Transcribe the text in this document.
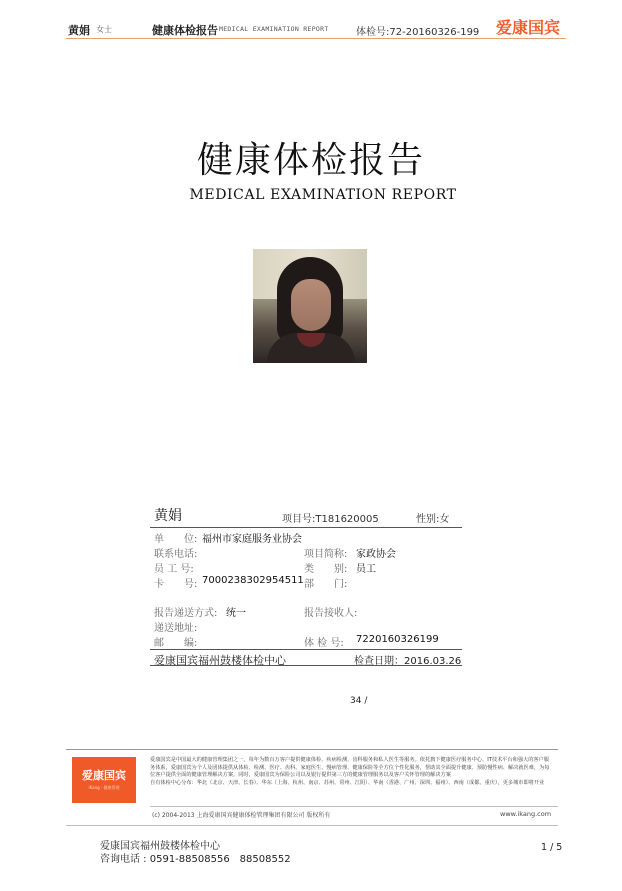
黄娟 女士	健康体检报告 MEDICAL EXAMINATION REPORT	体检号:72-20160326-199 爱康国宾
健康体检报告
MEDICAL EXAMINATION REPORT
黄娟	项目号:T181620005	性别:女
单　　位: 福州市家庭服务业协会
联系电话:	项目简称: 家政协会
员 工 号:	类　　别: 员工
卡　　号: 7000238302954511 部　　门:
报告递送方式: 统一	报告接收人:
递送地址:
邮　　编:	体 检 号: 7220160326199
爱康国宾福州鼓楼体检中心	检查日期：2016.03.26
34 /
爱康国宾
iKang · 健康管理
爱康国宾是中国最大的健康管理集团之一，每年为数百万客户提供健康体检、疾病检测、齿科服务和私人医生等服务。依托旗下健康医疗服务中心、IT技术平台和强大的客户服务体系，爱康国宾为个人及团体提供从体检、检测、医疗、齿科、家庭医生、慢病管理、健康保险等全方位个性化服务，帮助其全面提升健康、预防慢性病、解决就医难，为每位客户提供全面的健康管理解决方案。同时，爱康国宾为保险公司以及银行提供第三方的健康管理服务以及客户关怀管理的解决方案
自有体检中心分布：华北（北京、天津、长春）、华东（上海、杭州、南京、苏州、常州、江阴）、华南（香港、广州、深圳、福州）、西南（成都、重庆），更多城市即将开业
(c) 2004-2013 上海爱康国宾健康体检管理集团有限公司 版权所有	www.ikang.com
爱康国宾福州鼓楼体检中心
咨询电话 : 0591-88508556　88508552
1 / 5
